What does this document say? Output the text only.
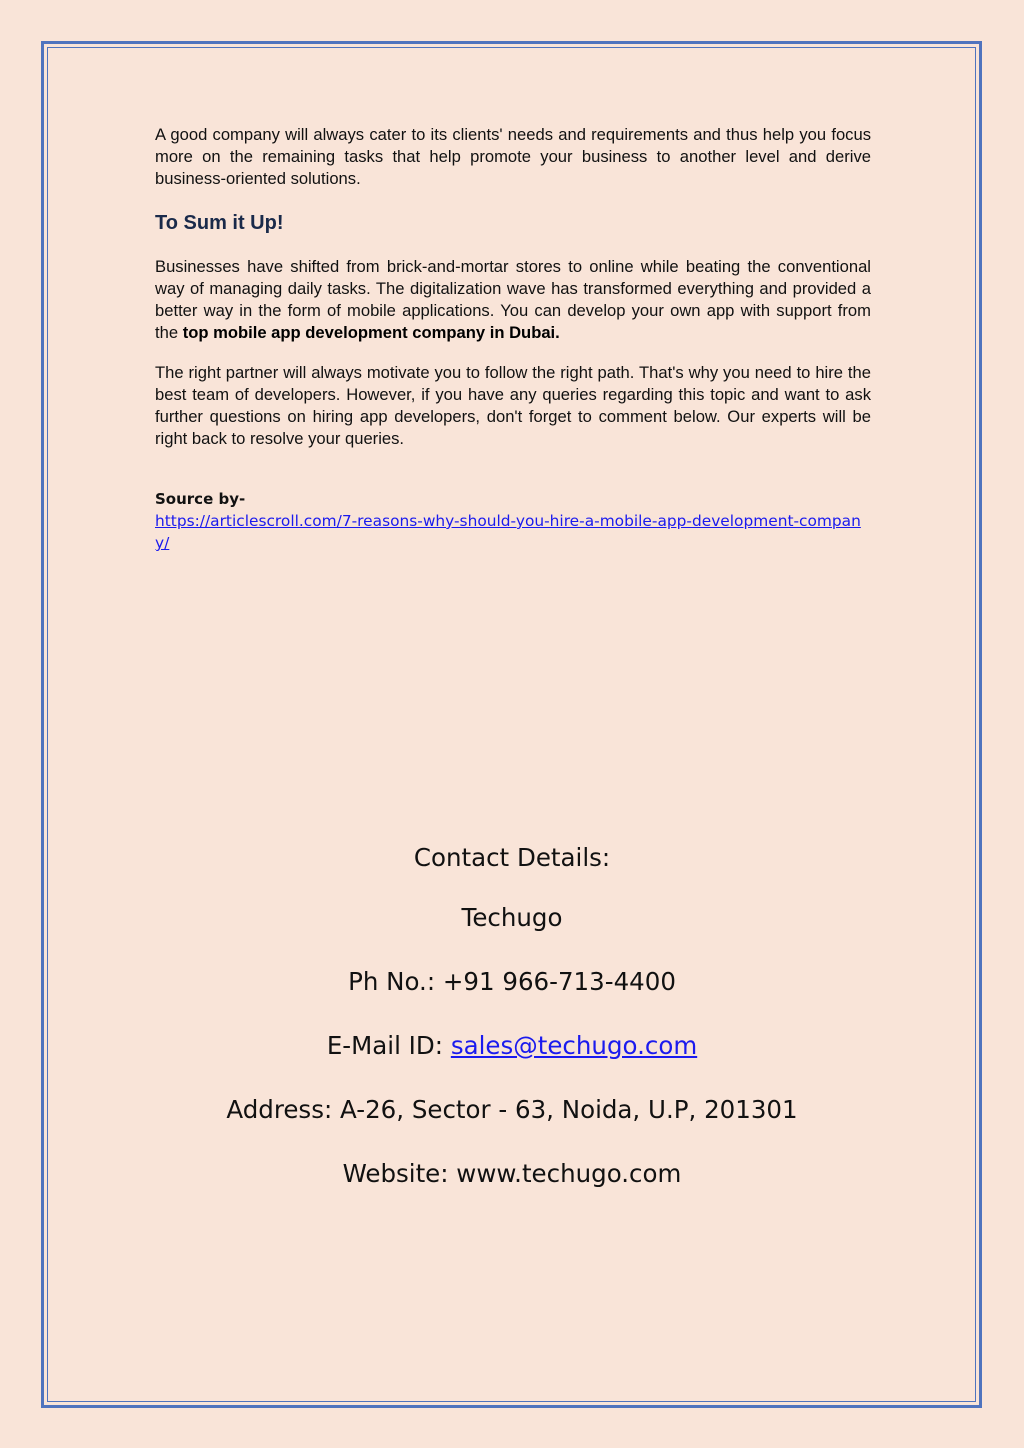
A good company will always cater to its clients' needs and requirements and thus help you focus more on the remaining tasks that help promote your business to another level and derive business-oriented solutions.

To Sum it Up!

Businesses have shifted from brick-and-mortar stores to online while beating the conventional way of managing daily tasks. The digitalization wave has transformed everything and provided a better way in the form of mobile applications. You can develop your own app with support from the top mobile app development company in Dubai.

The right partner will always motivate you to follow the right path. That's why you need to hire the best team of developers. However, if you have any queries regarding this topic and want to ask further questions on hiring app developers, don't forget to comment below. Our experts will be right back to resolve your queries.

Source by-
https://articlescroll.com/7-reasons-why-should-you-hire-a-mobile-app-development-company/
Contact Details:
Techugo
Ph No.: +91 966-713-4400
E-Mail ID: sales@techugo.com
Address: A-26, Sector - 63, Noida, U.P, 201301
Website: www.techugo.com
